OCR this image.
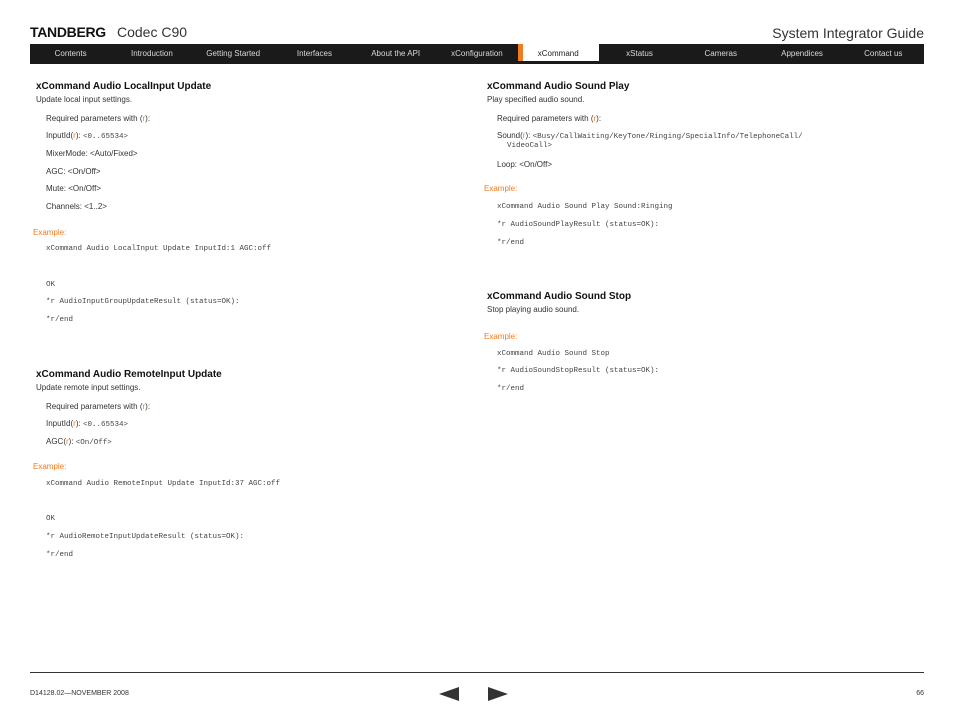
TANDBERG Codec C90	System Integrator Guide
Contents	Introduction	Getting Started	Interfaces	About the API	xConfiguration	xCommand	xStatus	Cameras	Appendices	Contact us
xCommand Audio LocalInput Update
Update local input settings.
Required parameters with (r):
InputId(r): <0..65534>
MixerMode: <Auto/Fixed>
AGC: <On/Off>
Mute: <On/Off>
Channels: <1..2>
Example:
xCommand Audio LocalInput Update InputId:1 AGC:off
OK
*r AudioInputGroupUpdateResult (status=OK):
*r/end
xCommand Audio RemoteInput Update
Update remote input settings.
Required parameters with (r):
InputId(r): <0..65534>
AGC(r): <On/Off>
Example:
xCommand Audio RemoteInput Update InputId:37 AGC:off
OK
*r AudioRemoteInputUpdateResult (status=OK):
*r/end
xCommand Audio Sound Play
Play specified audio sound.
Required parameters with (r):
Sound(r): <Busy/CallWaiting/KeyTone/Ringing/SpecialInfo/TelephoneCall/
VideoCall>
Loop: <On/Off>
Example:
xCommand Audio Sound Play Sound:Ringing
*r AudioSoundPlayResult (status=OK):
*r/end
xCommand Audio Sound Stop
Stop playing audio sound.
Example:
xCommand Audio Sound Stop
*r AudioSoundStopResult (status=OK):
*r/end
D14128.02—NOVEMBER 2008	66
